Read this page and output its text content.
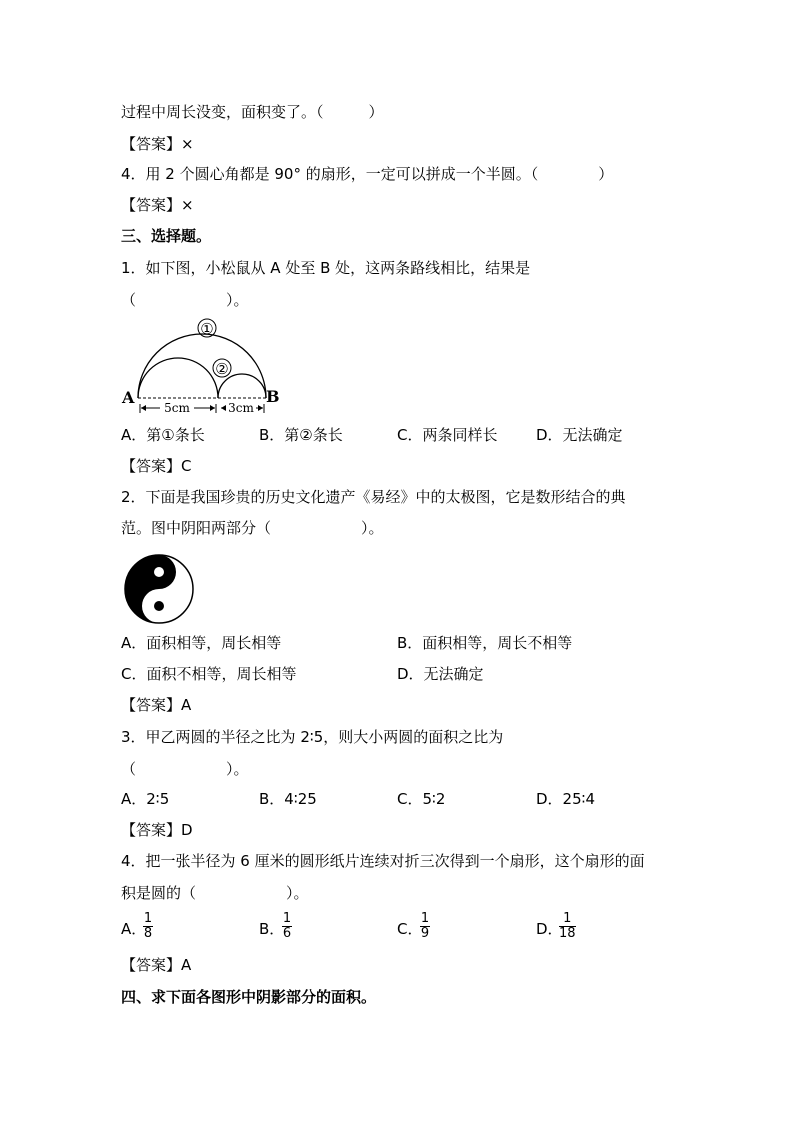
过程中周长没变，面积变了。（　　　）
【答案】×
4．用 2 个圆心角都是 90° 的扇形，一定可以拼成一个半圆。（　　　　）
【答案】×
三、选择题。
1．如下图，小松鼠从 A 处至 B 处，这两条路线相比，结果是
（　　　　　　）。
①
②
A	B
5cm	3cm
A．第①条长	B．第②条长	C．两条同样长	D．无法确定
【答案】C
2．下面是我国珍贵的历史文化遗产《易经》中的太极图，它是数形结合的典
范。图中阴阳两部分（　　　　　　）。
A．面积相等，周长相等	B．面积相等，周长不相等
C．面积不相等，周长相等	D．无法确定
【答案】A
3．甲乙两圆的半径之比为 2∶5，则大小两圆的面积之比为
（　　　　　　）。
A．2∶5	B．4∶25	C．5∶2	D．25∶4
【答案】D
4．把一张半径为 6 厘米的圆形纸片连续对折三次得到一个扇形，这个扇形的面
积是圆的（　　　　　　）。
A．
1
8	B．
1
6	C．
1
9	D．
1
18
【答案】A
四、求下面各图形中阴影部分的面积。
